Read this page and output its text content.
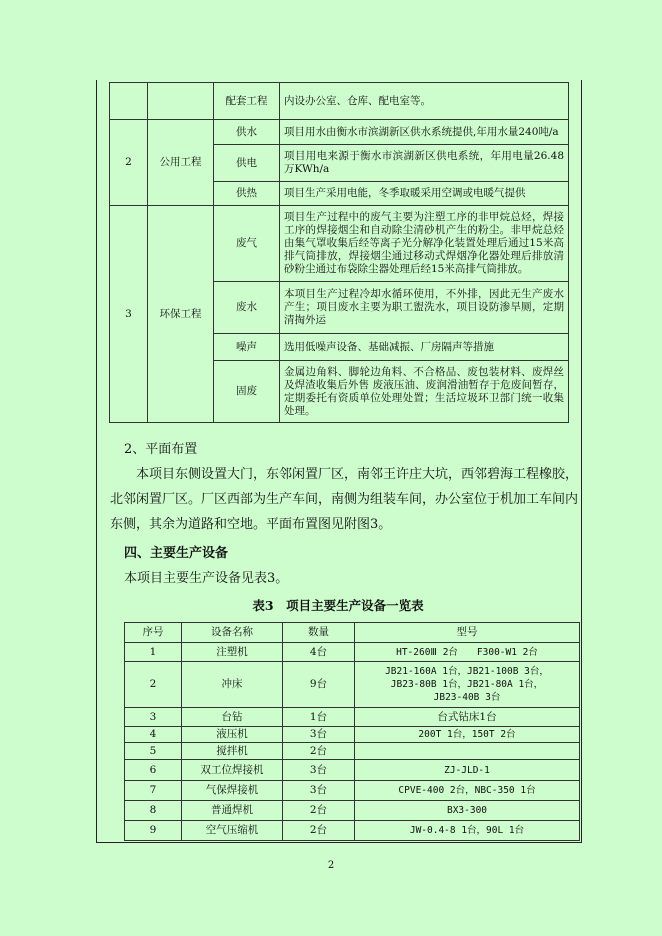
		配套工程	内设办公室、仓库、配电室等。
2	公用工程	供水	项目用水由衡水市滨湖新区供水系统提供,年用水量240吨/a
		供电	项目用电来源于衡水市滨湖新区供电系统，年用电量26.48万KWh/a
		供热	项目生产采用电能，冬季取暖采用空调或电暖气提供
3	环保工程	废气	项目生产过程中的废气主要为注塑工序的非甲烷总烃，焊接工序的焊接烟尘和自动除尘清砂机产生的粉尘。非甲烷总烃由集气罩收集后经等离子光分解净化装置处理后通过15米高排气筒排放，焊接烟尘通过移动式焊烟净化器处理后排放清砂粉尘通过布袋除尘器处理后经15米高排气筒排放。
		废水	本项目生产过程冷却水循环使用，不外排，因此无生产废水产生；项目废水主要为职工盥洗水，项目设防渗旱厕，定期清掏外运
		噪声	选用低噪声设备、基础减振、厂房隔声等措施
		固废	金属边角料、脚轮边角料、不合格品、废包装材料、废焊丝及焊渣收集后外售 废液压油、废润滑油暂存于危废间暂存，定期委托有资质单位处理处置；生活垃圾环卫部门统一收集处理。

2、平面布置

本项目东侧设置大门，东邻闲置厂区，南邻王许庄大坑，西邻碧海工程橡胶，北邻闲置厂区。厂区西部为生产车间，南侧为组装车间，办公室位于机加工车间内东侧，其余为道路和空地。平面布置图见附图3。

四、主要生产设备

本项目主要生产设备见表3。

表3　项目主要生产设备一览表
序号	设备名称	数量	型号
1	注塑机	4台	HT-260Ⅲ 2台　　F300-W1 2台
2	冲床	9台	JB21-160A 1台，JB21-100B 3台，JB23-80B 1台，JB21-80A 1台，JB23-40B 3台
3	台钻	1台	台式钻床1台
4	液压机	3台	200T 1台，150T 2台
5	搅拌机	2台	
6	双工位焊接机	3台	ZJ-JLD-1
7	气保焊接机	3台	CPVE-400 2台，NBC-350 1台
8	普通焊机	2台	BX3-300
9	空气压缩机	2台	JW-0.4-8 1台，90L 1台
2
